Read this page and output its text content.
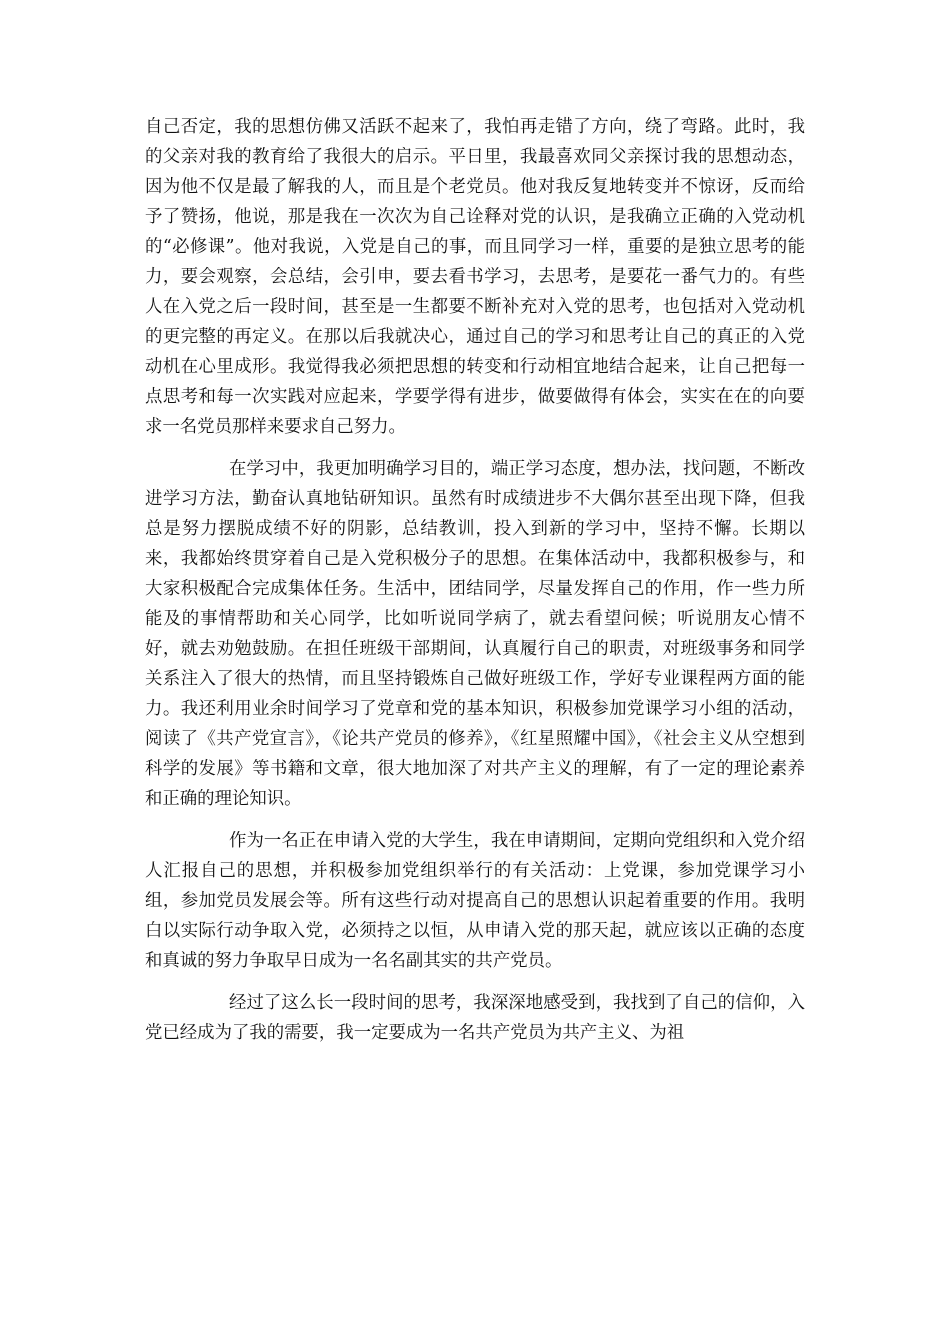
自己否定，我的思想仿佛又活跃不起来了，我怕再走错了方向，绕了弯路。此时，我的父亲对我的教育给了我很大的启示。平日里，我最喜欢同父亲探讨我的思想动态，因为他不仅是最了解我的人，而且是个老党员。他对我反复地转变并不惊讶，反而给予了赞扬，他说，那是我在一次次为自己诠释对党的认识，是我确立正确的入党动机的“必修课”。他对我说，入党是自己的事，而且同学习一样，重要的是独立思考的能力，要会观察，会总结，会引申，要去看书学习，去思考，是要花一番气力的。有些人在入党之后一段时间，甚至是一生都要不断补充对入党的思考，也包括对入党动机的更完整的再定义。在那以后我就决心，通过自己的学习和思考让自己的真正的入党动机在心里成形。我觉得我必须把思想的转变和行动相宜地结合起来，让自己把每一点思考和每一次实践对应起来，学要学得有进步，做要做得有体会，实实在在的向要求一名党员那样来要求自己努力。

在学习中，我更加明确学习目的，端正学习态度，想办法，找问题，不断改进学习方法，勤奋认真地钻研知识。虽然有时成绩进步不大偶尔甚至出现下降，但我总是努力摆脱成绩不好的阴影，总结教训，投入到新的学习中，坚持不懈。长期以来，我都始终贯穿着自己是入党积极分子的思想。在集体活动中，我都积极参与，和大家积极配合完成集体任务。生活中，团结同学，尽量发挥自己的作用，作一些力所能及的事情帮助和关心同学，比如听说同学病了，就去看望问候；听说朋友心情不好，就去劝勉鼓励。在担任班级干部期间，认真履行自己的职责，对班级事务和同学关系注入了很大的热情，而且坚持锻炼自己做好班级工作，学好专业课程两方面的能力。我还利用业余时间学习了党章和党的基本知识，积极参加党课学习小组的活动，阅读了《共产党宣言》，《论共产党员的修养》，《红星照耀中国》，《社会主义从空想到科学的发展》等书籍和文章，很大地加深了对共产主义的理解，有了一定的理论素养和正确的理论知识。

作为一名正在申请入党的大学生，我在申请期间，定期向党组织和入党介绍人汇报自己的思想，并积极参加党组织举行的有关活动：上党课，参加党课学习小组，参加党员发展会等。所有这些行动对提高自己的思想认识起着重要的作用。我明白以实际行动争取入党，必须持之以恒，从申请入党的那天起，就应该以正确的态度和真诚的努力争取早日成为一名名副其实的共产党员。

经过了这么长一段时间的思考，我深深地感受到，我找到了自己的信仰，入党已经成为了我的需要，我一定要成为一名共产党员为共产主义、为祖
